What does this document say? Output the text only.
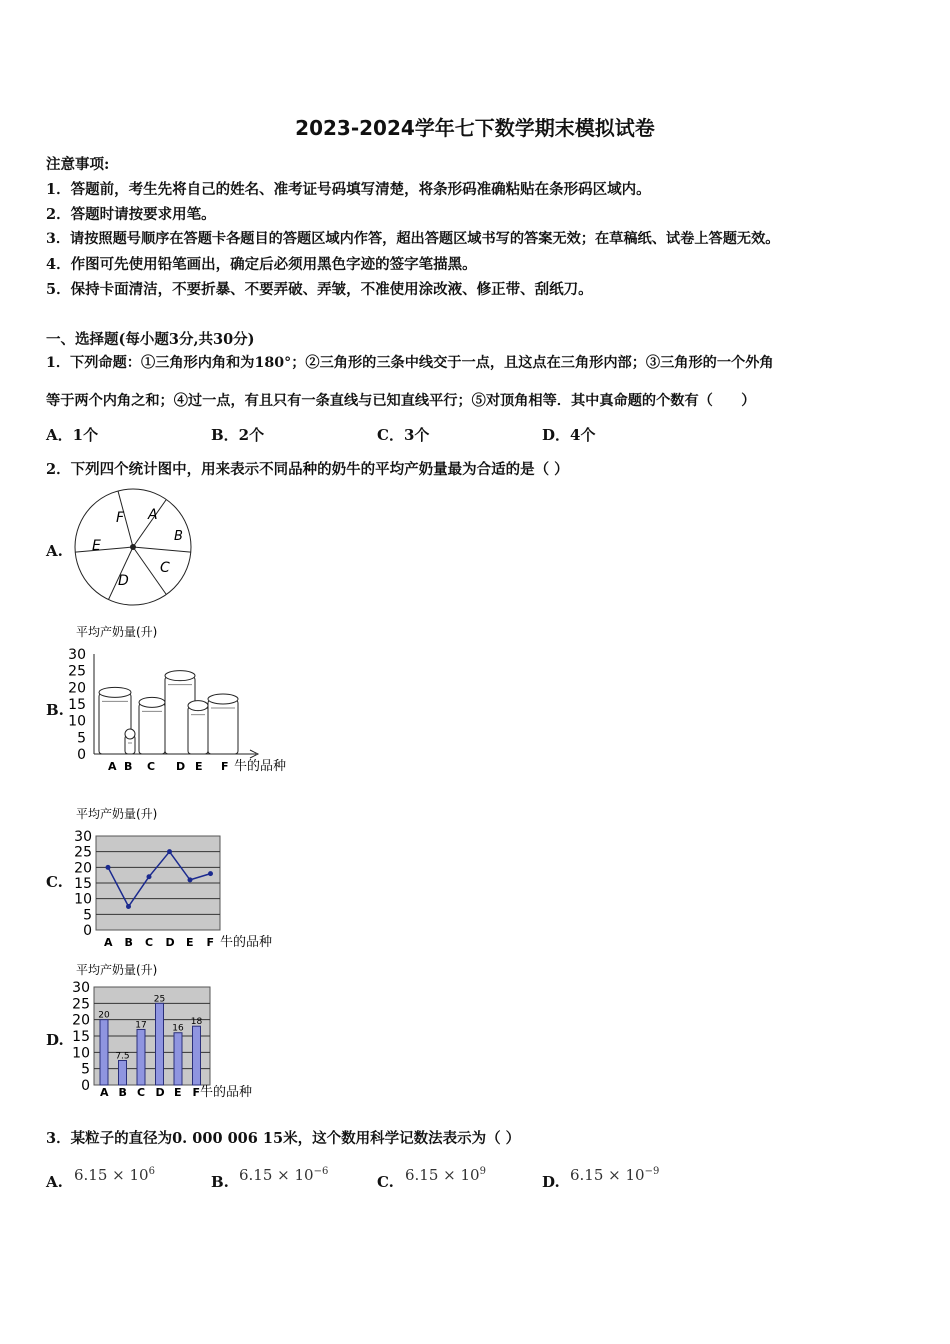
2023-2024学年七下数学期末模拟试卷
注意事项:
1．答题前，考生先将自己的姓名、准考证号码填写清楚，将条形码准确粘贴在条形码区域内。
2．答题时请按要求用笔。
3．请按照题号顺序在答题卡各题目的答题区域内作答，超出答题区域书写的答案无效；在草稿纸、试卷上答题无效。
4．作图可先使用铅笔画出，确定后必须用黑色字迹的签字笔描黑。
5．保持卡面清洁，不要折暴、不要弄破、弄皱，不准使用涂改液、修正带、刮纸刀。
一、选择题(每小题3分,共30分)
1．下列命题：①三角形内角和为180°；②三角形的三条中线交于一点，且这点在三角形内部；③三角形的一个外角
等于两个内角之和；④过一点，有且只有一条直线与已知直线平行；⑤对顶角相等．其中真命题的个数有（　　）
A．1个	B．2个	C．3个	D．4个
2．下列四个统计图中，用来表示不同品种的奶牛的平均产奶量最为合适的是（ ）
A.
F A
B
E
C
D
B.
平均产奶量(升)
30
25
20
15
10
5
0
A B C D E F 牛的品种
C.
平均产奶量(升)
30
25
20
15
10
5
0
A B C D E F 牛的品种
D.
平均产奶量(升)
30
25
20
15
10
5
0
20
7.5
17
25
16
18
A B C D E F 牛的品种
3．某粒子的直径为0. 000 006 15米，这个数用科学记数法表示为（ ）
A. $6.15 \times 10^6$
B. $6.15 \times 10^{-6}$
C. $6.15 \times 10^9$
D. $6.15 \times 10^{-9}$
